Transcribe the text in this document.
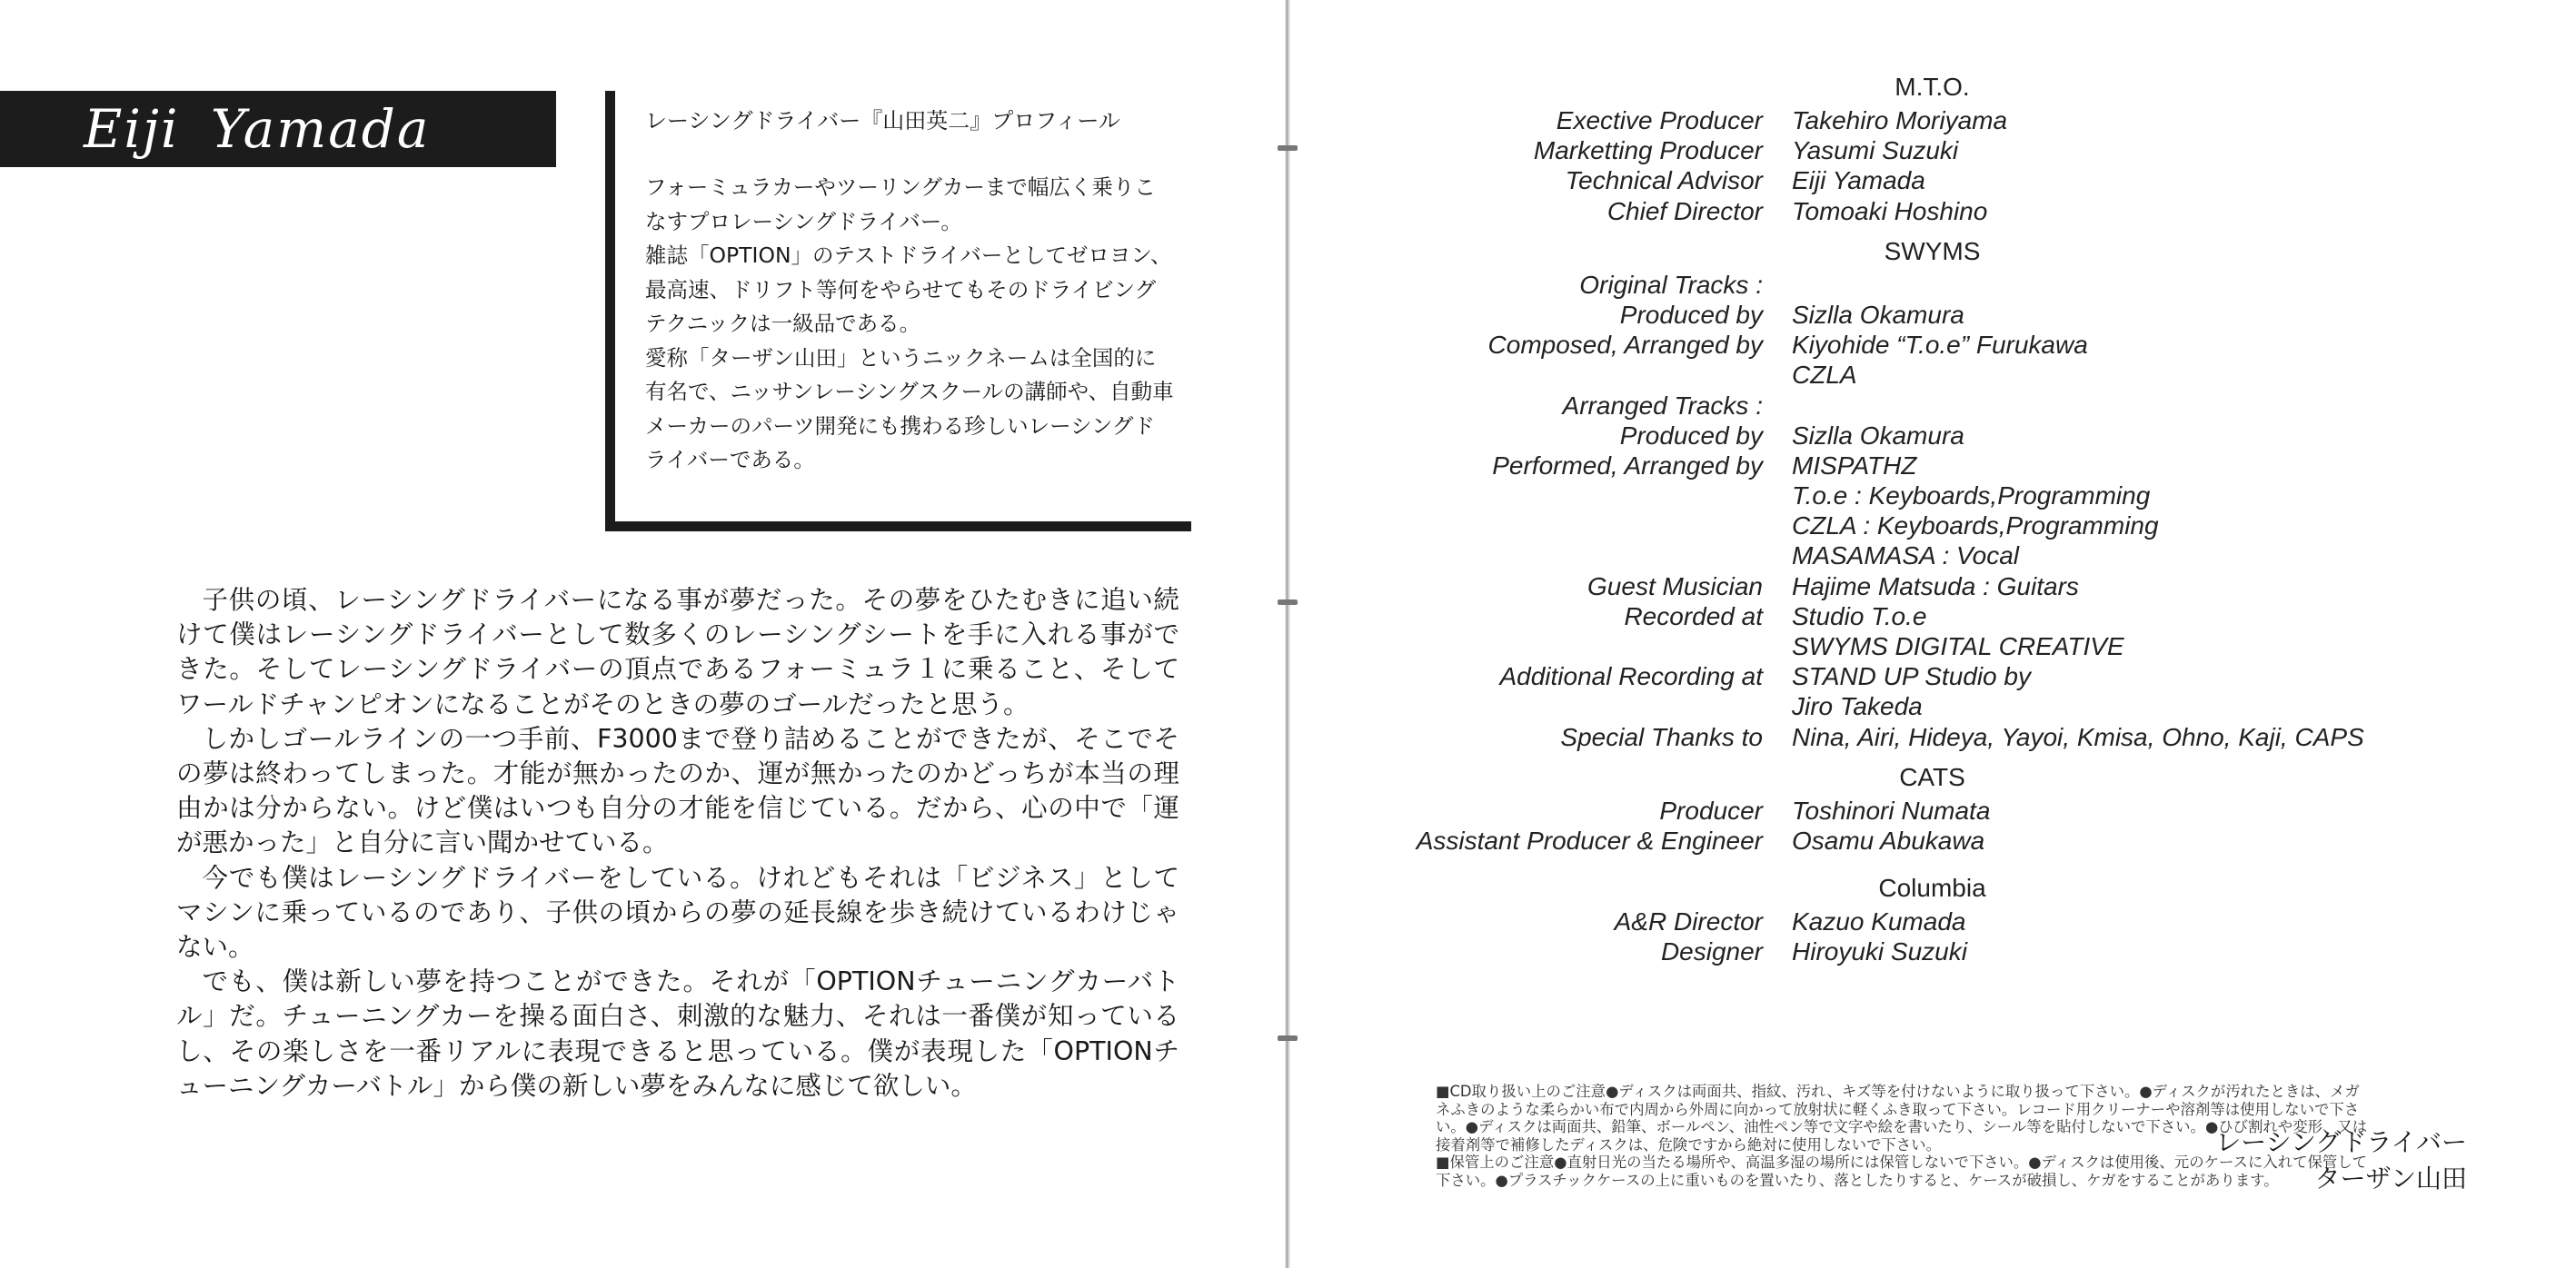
Eiji Yamada	レーシングドライバー『山田英二』プロフィール

フォーミュラカーやツーリングカーまで幅広く乗りこなすプロレーシングドライバー。

雑誌「OPTION」のテストドライバーとしてゼロヨン、最高速、ドリフト等何をやらせてもそのドライビングテクニックは一級品である。

愛称「ターザン山田」というニックネームは全国的に有名で、ニッサンレーシングスクールの講師や、自動車メーカーのパーツ開発にも携わる珍しいレーシングドライバーである。

子供の頃、レーシングドライバーになる事が夢だった。その夢をひたむきに追い続けて僕はレーシングドライバーとして数多くのレーシングシートを手に入れる事ができた。そしてレーシングドライバーの頂点であるフォーミュラ１に乗ること、そしてワールドチャンピオンになることがそのときの夢のゴールだったと思う。

しかしゴールラインの一つ手前、F3000まで登り詰めることができたが、そこでその夢は終わってしまった。才能が無かったのか、運が無かったのかどっちが本当の理由かは分からない。けど僕はいつも自分の才能を信じている。だから、心の中で「運が悪かった」と自分に言い聞かせている。

今でも僕はレーシングドライバーをしている。けれどもそれは「ビジネス」としてマシンに乗っているのであり、子供の頃からの夢の延長線を歩き続けているわけじゃない。

でも、僕は新しい夢を持つことができた。それが「OPTIONチューニングカーバトル」だ。チューニングカーを操る面白さ、刺激的な魅力、それは一番僕が知っているし、その楽しさを一番リアルに表現できると思っている。僕が表現した「OPTIONチューニングカーバトル」から僕の新しい夢をみんなに感じて欲しい。

レーシングドライバー
ターザン山田
M.T.O.
Exective Producer Takehiro Moriyama
Marketting Producer Yasumi Suzuki
Technical Advisor Eiji Yamada
Chief Director Tomoaki Hoshino
SWYMS
Original Tracks :
Produced by Sizlla Okamura
Composed, Arranged by Kiyohide “T.o.e” Furukawa
CZLA
Arranged Tracks :
Produced by Sizlla Okamura
Performed, Arranged by MISPATHZ
T.o.e : Keyboards,Programming
CZLA : Keyboards,Programming
MASAMASA : Vocal
Guest Musician Hajime Matsuda : Guitars
Recorded at Studio T.o.e
SWYMS DIGITAL CREATIVE
Additional Recording at STAND UP Studio by
Jiro Takeda
Special Thanks to Nina, Airi, Hideya, Yayoi, Kmisa, Ohno, Kaji, CAPS
CATS
Producer Toshinori Numata
Assistant Producer & Engineer Osamu Abukawa
Columbia
A&R Director Kazuo Kumada
Designer Hiroyuki Suzuki

■CD取り扱い上のご注意●ディスクは両面共、指紋、汚れ、キズ等を付けないように取り扱って下さい。●ディスクが汚れたときは、メガネふきのような柔らかい布で内周から外周に向かって放射状に軽くふき取って下さい。レコード用クリーナーや溶剤等は使用しないで下さい。●ディスクは両面共、鉛筆、ボールペン、油性ペン等で文字や絵を書いたり、シール等を貼付しないで下さい。●ひび割れや変形、又は接着剤等で補修したディスクは、危険ですから絶対に使用しないで下さい。

■保管上のご注意●直射日光の当たる場所や、高温多湿の場所には保管しないで下さい。●ディスクは使用後、元のケースに入れて保管して下さい。●プラスチックケースの上に重いものを置いたり、落としたりすると、ケースが破損し、ケガをすることがあります。
